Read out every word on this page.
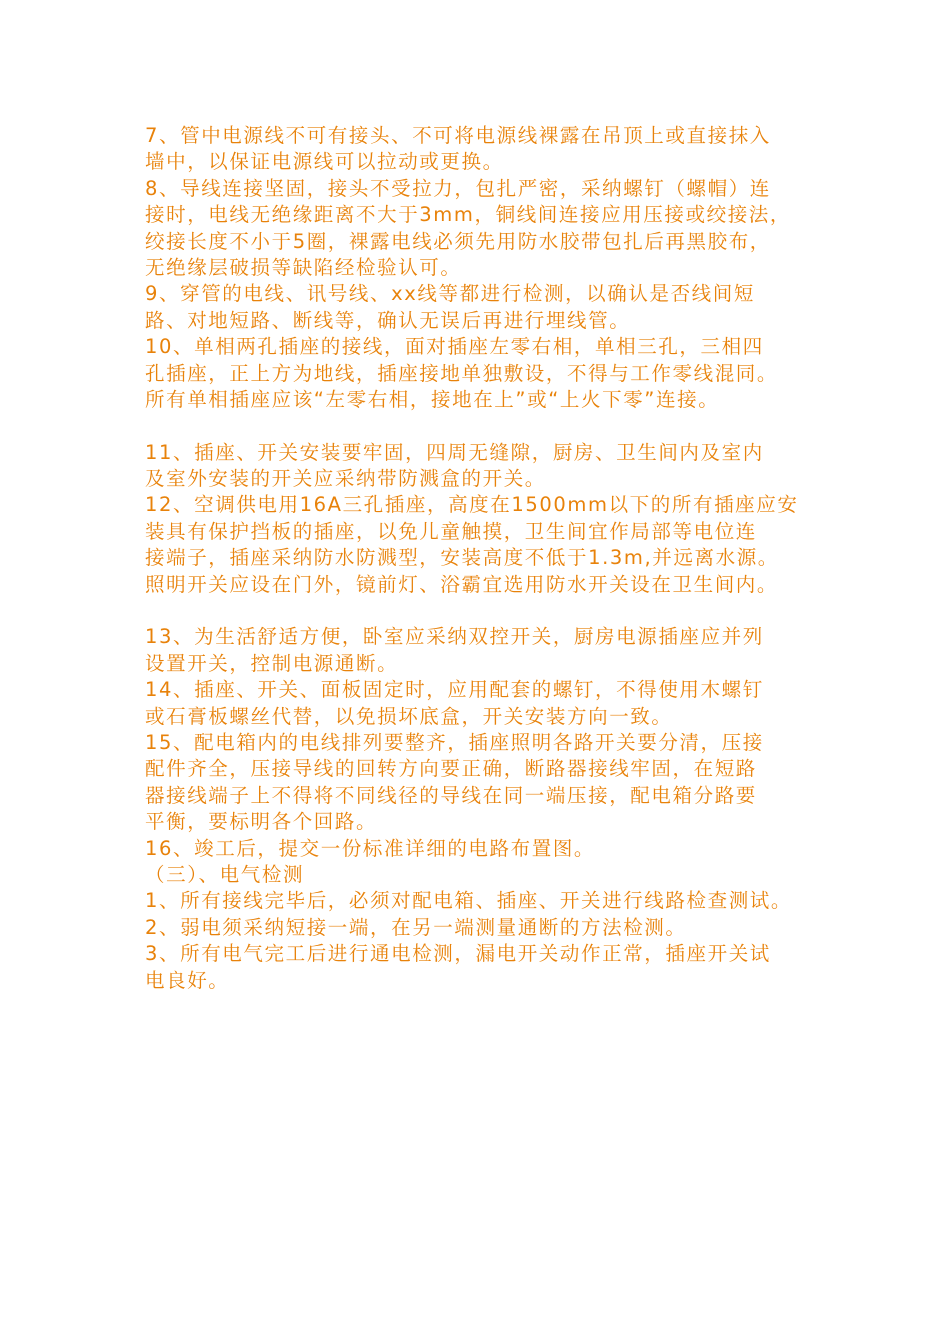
7、管中电源线不可有接头、不可将电源线裸露在吊顶上或直接抹入
墙中，以保证电源线可以拉动或更换。
8、导线连接坚固，接头不受拉力，包扎严密，采纳螺钉（螺帽）连
接时，电线无绝缘距离不大于3mm，铜线间连接应用压接或绞接法，
绞接长度不小于5圈，裸露电线必须先用防水胶带包扎后再黑胶布，
无绝缘层破损等缺陷经检验认可。
9、穿管的电线、讯号线、xx线等都进行检测，以确认是否线间短
路、对地短路、断线等，确认无误后再进行埋线管。
10、单相两孔插座的接线，面对插座左零右相，单相三孔，三相四
孔插座，正上方为地线，插座接地单独敷设，不得与工作零线混同。
所有单相插座应该“左零右相，接地在上”或“上火下零”连接。
11、插座、开关安装要牢固，四周无缝隙，厨房、卫生间内及室内
及室外安装的开关应采纳带防溅盒的开关。
12、空调供电用16A三孔插座，高度在1500mm以下的所有插座应安
装具有保护挡板的插座，以免儿童触摸，卫生间宜作局部等电位连
接端子，插座采纳防水防溅型，安装高度不低于1.3m,并远离水源。
照明开关应设在门外，镜前灯、浴霸宜选用防水开关设在卫生间内。
13、为生活舒适方便，卧室应采纳双控开关，厨房电源插座应并列
设置开关，控制电源通断。
14、插座、开关、面板固定时，应用配套的螺钉，不得使用木螺钉
或石膏板螺丝代替，以免损坏底盒，开关安装方向一致。
15、配电箱内的电线排列要整齐，插座照明各路开关要分清，压接
配件齐全，压接导线的回转方向要正确，断路器接线牢固，在短路
器接线端子上不得将不同线径的导线在同一端压接，配电箱分路要
平衡，要标明各个回路。
16、竣工后，提交一份标准详细的电路布置图。
（三）、电气检测
1、所有接线完毕后，必须对配电箱、插座、开关进行线路检查测试。
2、弱电须采纳短接一端，在另一端测量通断的方法检测。
3、所有电气完工后进行通电检测，漏电开关动作正常，插座开关试
电良好。
